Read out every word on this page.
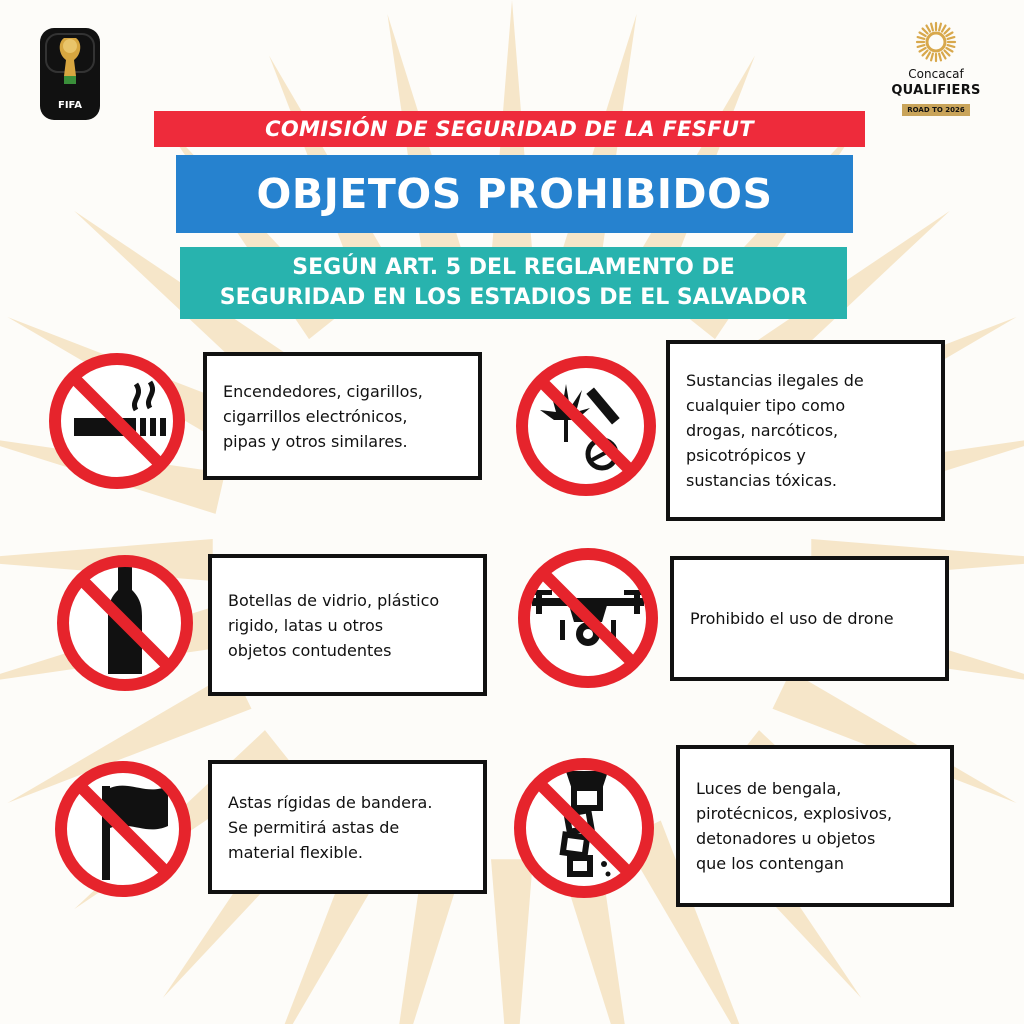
FIFA
Concacaf
QUALIFIERS
ROAD TO 2026
COMISIÓN DE SEGURIDAD DE LA FESFUT
OBJETOS PROHIBIDOS
SEGÚN ART. 5 DEL REGLAMENTO DE
SEGURIDAD EN LOS ESTADIOS DE EL SALVADOR
Encendedores, cigarillos,
cigarrillos electrónicos,
pipas y otros similares.
Sustancias ilegales de
cualquier tipo como
drogas, narcóticos,
psicotrópicos y
sustancias tóxicas.
Botellas de vidrio, plástico
rigido, latas u otros
objetos contudentes
Prohibido el uso de drone
Astas rígidas de bandera.
Se permitirá astas de
material flexible.
Luces de bengala,
pirotécnicos, explosivos,
detonadores u objetos
que los contengan
